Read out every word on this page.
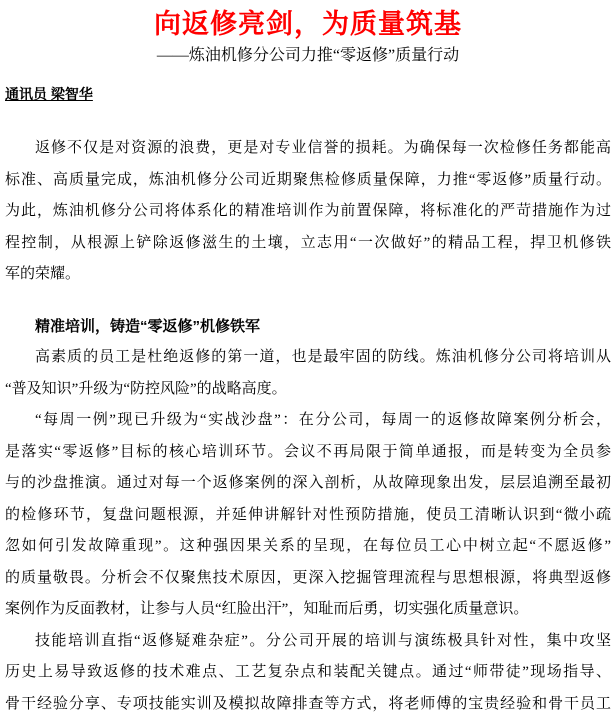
向返修亮剑，为质量筑基
——炼油机修分公司力推“零返修”质量行动
通讯员 梁智华
返修不仅是对资源的浪费，更是对专业信誉的损耗。为确保每一次检修任务都能高
标准、高质量完成，炼油机修分公司近期聚焦检修质量保障，力推“零返修”质量行动。
为此，炼油机修分公司将体系化的精准培训作为前置保障，将标准化的严苛措施作为过
程控制，从根源上铲除返修滋生的土壤，立志用“一次做好”的精品工程，捍卫机修铁
军的荣耀。
精准培训，铸造“零返修”机修铁军
高素质的员工是杜绝返修的第一道，也是最牢固的防线。炼油机修分公司将培训从
“普及知识”升级为“防控风险”的战略高度。
“每周一例”现已升级为“实战沙盘”：在分公司，每周一的返修故障案例分析会，
是落实“零返修”目标的核心培训环节。会议不再局限于简单通报，而是转变为全员参
与的沙盘推演。通过对每一个返修案例的深入剖析，从故障现象出发，层层追溯至最初
的检修环节，复盘问题根源，并延伸讲解针对性预防措施，使员工清晰认识到“微小疏
忽如何引发故障重现”。这种强因果关系的呈现，在每位员工心中树立起“不愿返修”
的质量敬畏。分析会不仅聚焦技术原因，更深入挖掘管理流程与思想根源，将典型返修
案例作为反面教材，让参与人员“红脸出汗”，知耻而后勇，切实强化质量意识。
技能培训直指“返修疑难杂症”。分公司开展的培训与演练极具针对性，集中攻坚
历史上易导致返修的技术难点、工艺复杂点和装配关键点。通过“师带徒”现场指导、
骨干经验分享、专项技能实训及模拟故障排查等方式，将老师傅的宝贵经验和骨干员工
